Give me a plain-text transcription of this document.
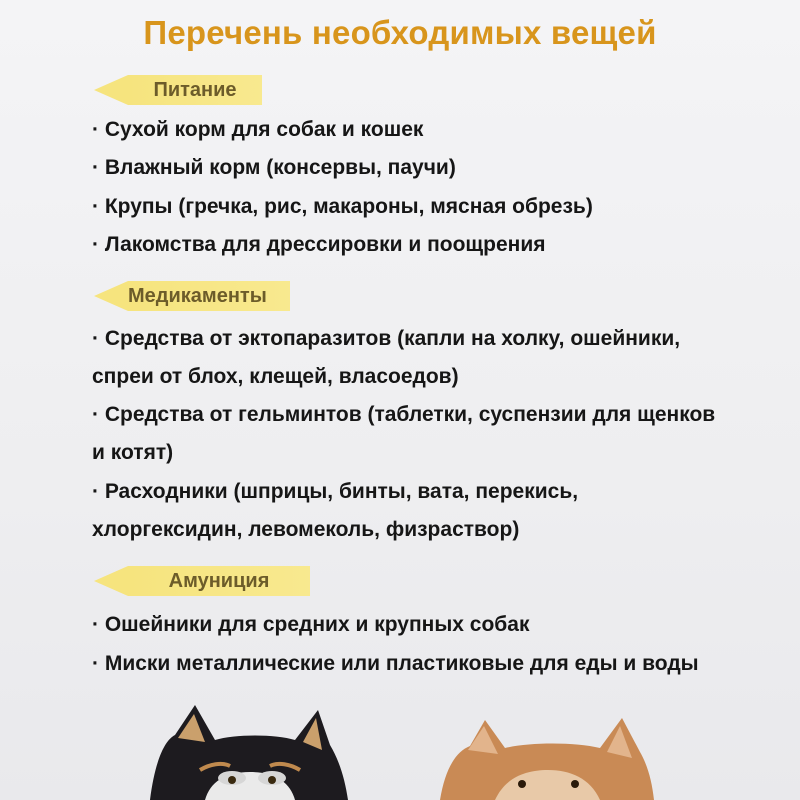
Перечень необходимых вещей
Питание
· Сухой корм для собак и кошек
· Влажный корм (консервы, паучи)
· Крупы (гречка, рис, макароны, мясная обрезь)
· Лакомства для дрессировки и поощрения
Медикаменты
· Средства от эктопаразитов (капли на холку, ошейники,
спреи от блох, клещей, власоедов)
· Средства от гельминтов (таблетки, суспензии для щенков
и котят)
· Расходники (шприцы, бинты, вата, перекись,
хлоргексидин, левомеколь, физраствор)
Амуниция
· Ошейники для средних и крупных собак
· Миски металлические или пластиковые для еды и воды
